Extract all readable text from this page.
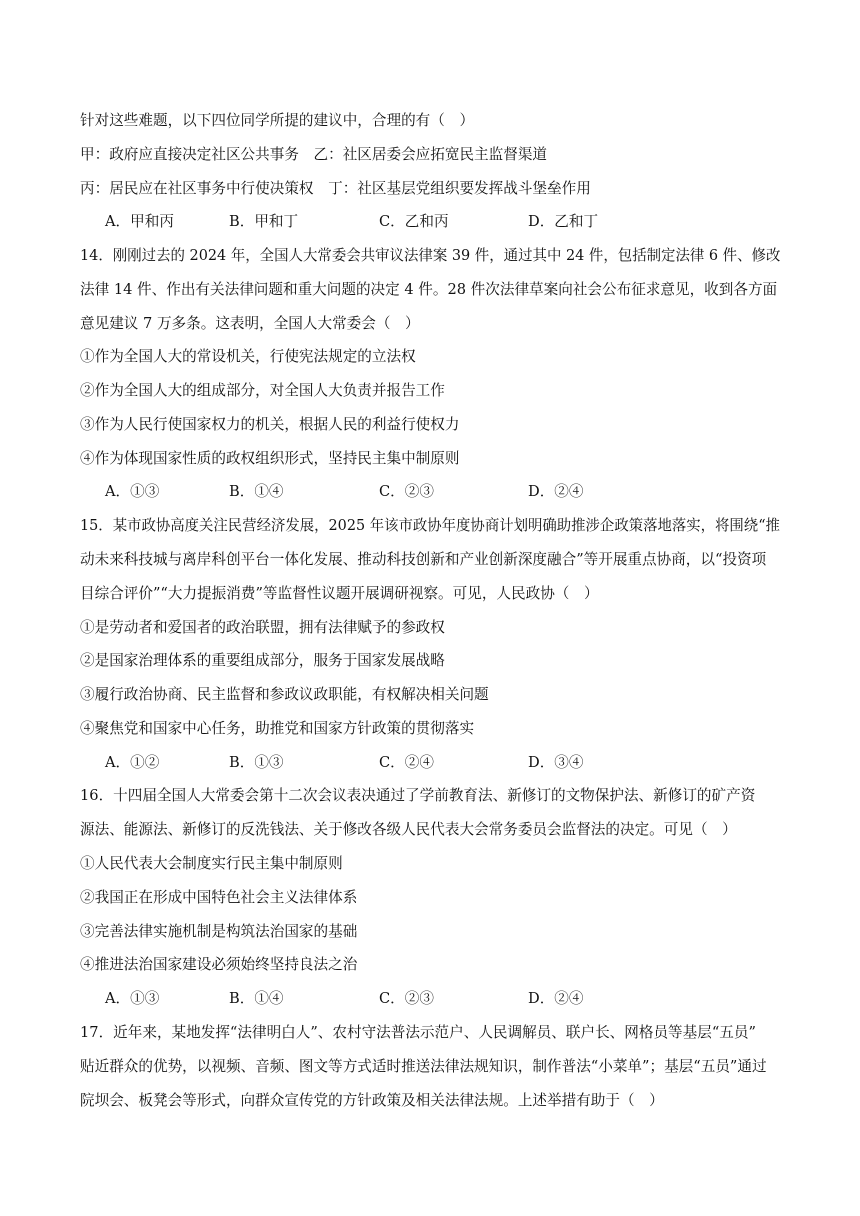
针对这些难题，以下四位同学所提的建议中，合理的有（　）
甲：政府应直接决定社区公共事务　乙：社区居委会应拓宽民主监督渠道
丙：居民应在社区事务中行使决策权　丁：社区基层党组织要发挥战斗堡垒作用
A．甲和丙	B．甲和丁	C．乙和丙	D．乙和丁
14．刚刚过去的 2024 年，全国人大常委会共审议法律案 39 件，通过其中 24 件，包括制定法律 6 件、修改
法律 14 件、作出有关法律问题和重大问题的决定 4 件。28 件次法律草案向社会公布征求意见，收到各方面
意见建议 7 万多条。这表明，全国人大常委会（　）
①作为全国人大的常设机关，行使宪法规定的立法权
②作为全国人大的组成部分，对全国人大负责并报告工作
③作为人民行使国家权力的机关，根据人民的利益行使权力
④作为体现国家性质的政权组织形式，坚持民主集中制原则
A．①③	B．①④	C．②③	D．②④
15．某市政协高度关注民营经济发展，2025 年该市政协年度协商计划明确助推涉企政策落地落实，将围绕“推
动未来科技城与离岸科创平台一体化发展、推动科技创新和产业创新深度融合”等开展重点协商，以“投资项
目综合评价”“大力提振消费”等监督性议题开展调研视察。可见，人民政协（　）
①是劳动者和爱国者的政治联盟，拥有法律赋予的参政权
②是国家治理体系的重要组成部分，服务于国家发展战略
③履行政治协商、民主监督和参政议政职能，有权解决相关问题
④聚焦党和国家中心任务，助推党和国家方针政策的贯彻落实
A．①②	B．①③	C．②④	D．③④
16．十四届全国人大常委会第十二次会议表决通过了学前教育法、新修订的文物保护法、新修订的矿产资
源法、能源法、新修订的反洗钱法、关于修改各级人民代表大会常务委员会监督法的决定。可见（　）
①人民代表大会制度实行民主集中制原则
②我国正在形成中国特色社会主义法律体系
③完善法律实施机制是构筑法治国家的基础
④推进法治国家建设必须始终坚持良法之治
A．①③	B．①④	C．②③	D．②④
17．近年来，某地发挥“法律明白人”、农村守法普法示范户、人民调解员、联户长、网格员等基层“五员”
贴近群众的优势，以视频、音频、图文等方式适时推送法律法规知识，制作普法“小菜单”；基层“五员”通过
院坝会、板凳会等形式，向群众宣传党的方针政策及相关法律法规。上述举措有助于（　）
